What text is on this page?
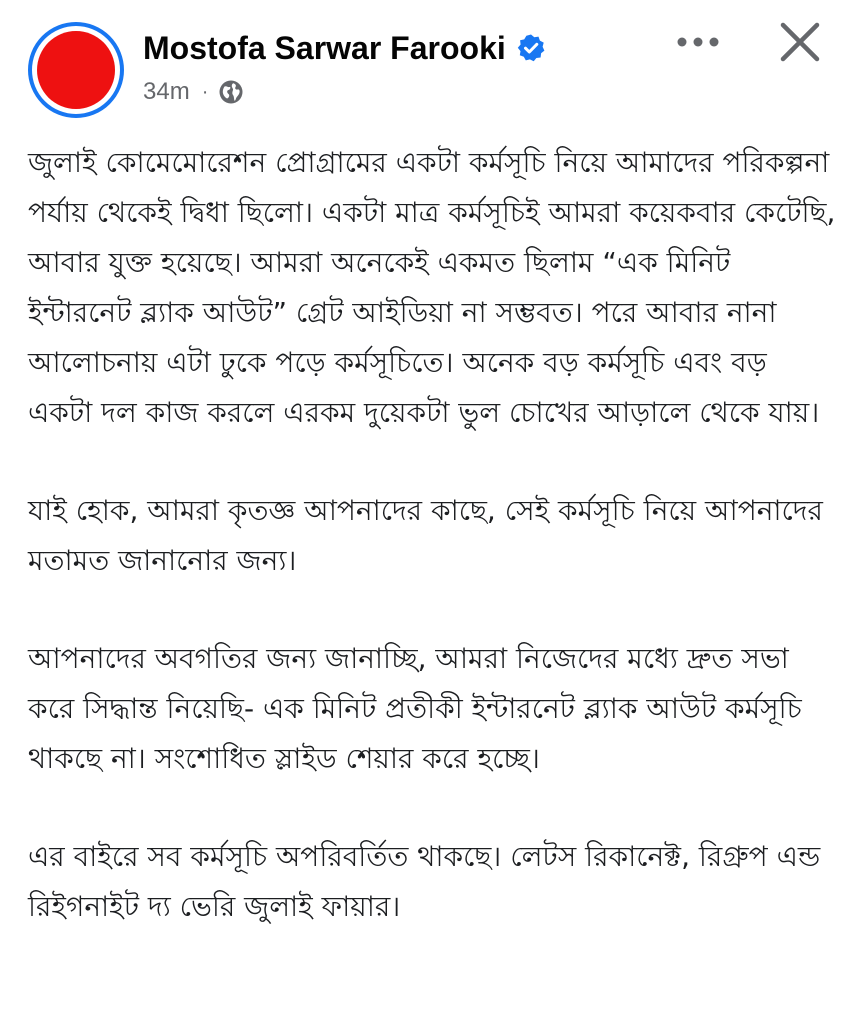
Mostofa Sarwar Farooki
34m ·

জুলাই কোমেমোরেশন প্রোগ্রামের একটা কর্মসূচি নিয়ে আমাদের পরিকল্পনা পর্যায় থেকেই দ্বিধা ছিলো। একটা মাত্র কর্মসূচিই আমরা কয়েকবার কেটেছি, আবার যুক্ত হয়েছে। আমরা অনেকেই একমত ছিলাম “এক মিনিট ইন্টারনেট ব্ল্যাক আউট” গ্রেট আইডিয়া না সম্ভবত। পরে আবার নানা আলোচনায় এটা ঢুকে পড়ে কর্মসূচিতে। অনেক বড় কর্মসূচি এবং বড় একটা দল কাজ করলে এরকম দুয়েকটা ভুল চোখের আড়ালে থেকে যায়।

যাই হোক, আমরা কৃতজ্ঞ আপনাদের কাছে, সেই কর্মসূচি নিয়ে আপনাদের মতামত জানানোর জন্য।

আপনাদের অবগতির জন্য জানাচ্ছি, আমরা নিজেদের মধ্যে দ্রুত সভা করে সিদ্ধান্ত নিয়েছি- এক মিনিট প্রতীকী ইন্টারনেট ব্ল্যাক আউট কর্মসূচি থাকছে না। সংশোধিত স্লাইড শেয়ার করে হচ্ছে।

এর বাইরে সব কর্মসূচি অপরিবর্তিত থাকছে। লেটস রিকানেক্ট, রিগ্রুপ এন্ড রিইগনাইট দ্য ভেরি জুলাই ফায়ার।
